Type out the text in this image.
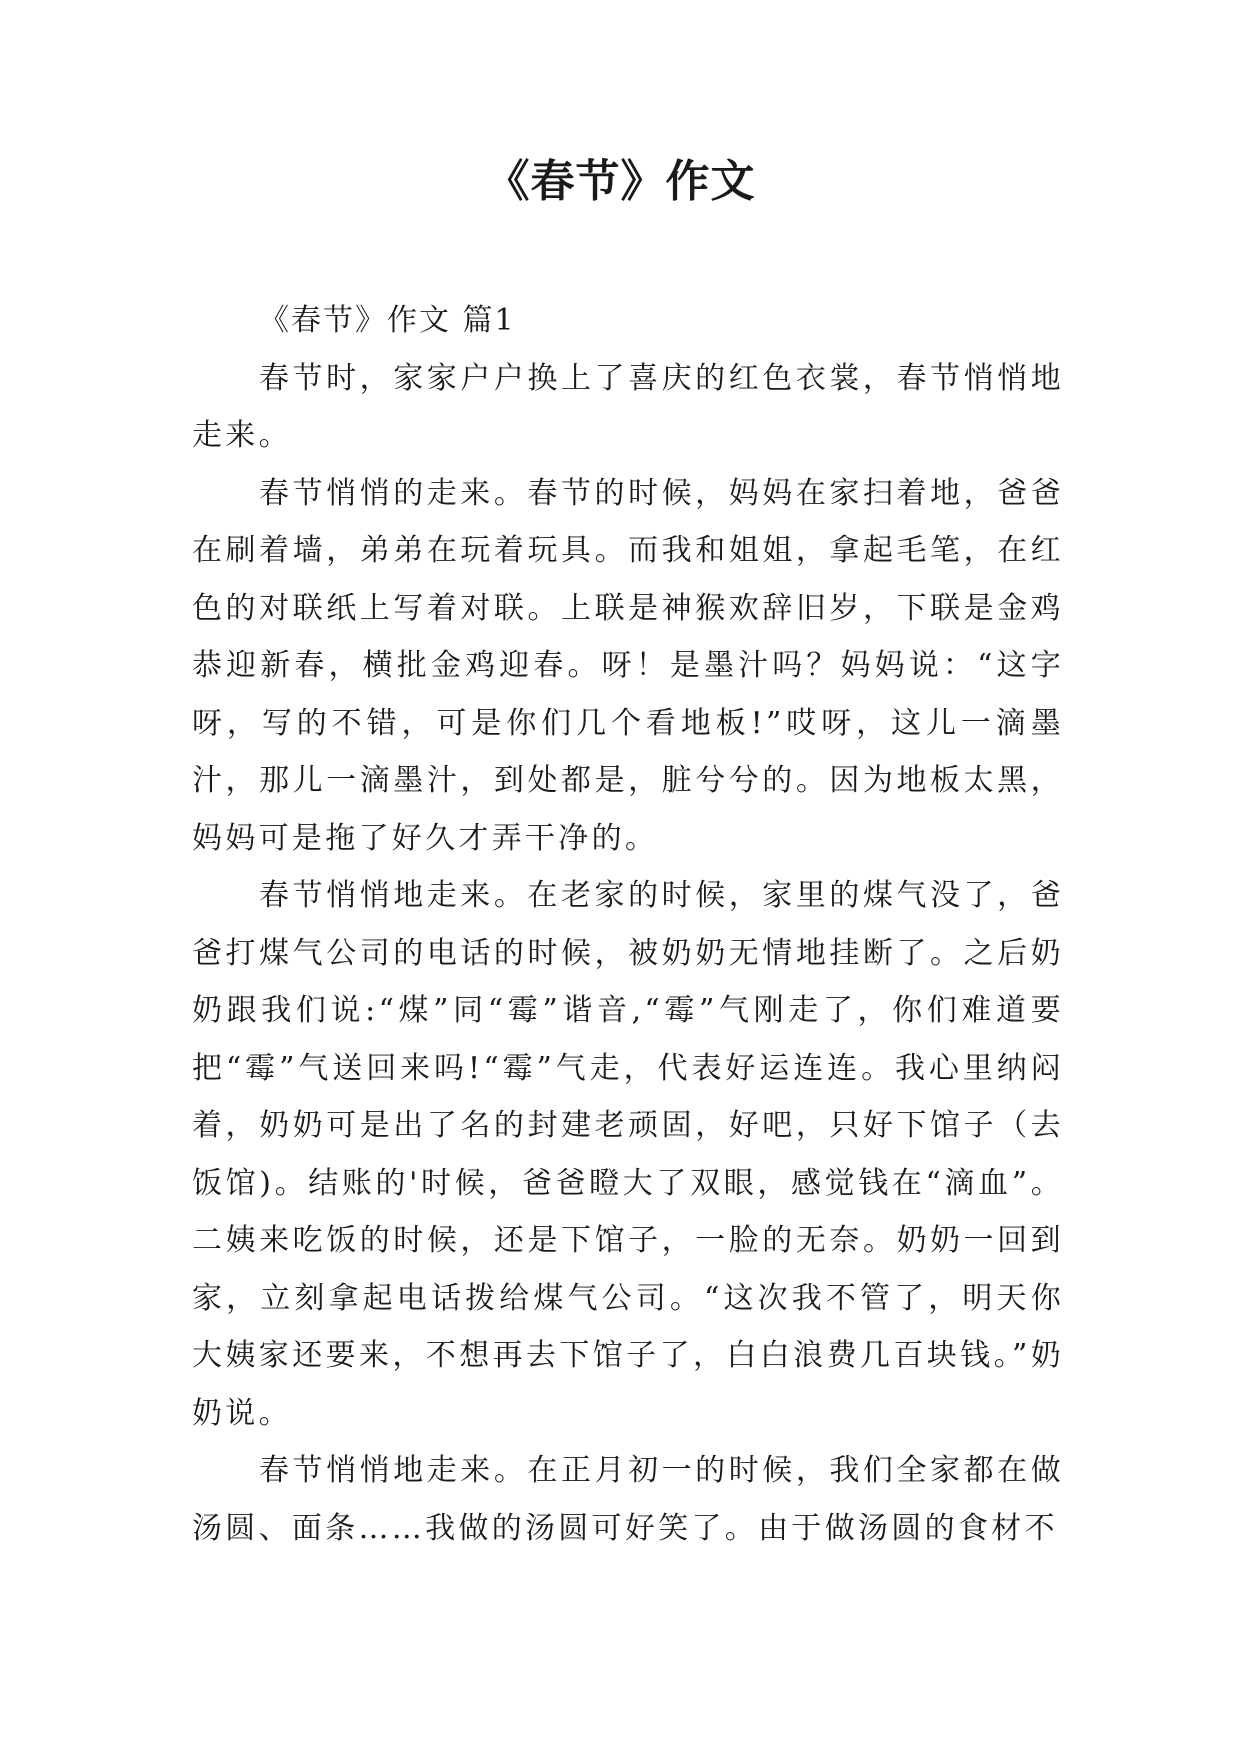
《春节》作文

《春节》作文 篇1

春节时，家家户户换上了喜庆的红色衣裳，春节悄悄地走来。

春节悄悄的走来。春节的时候，妈妈在家扫着地，爸爸在刷着墙，弟弟在玩着玩具。而我和姐姐，拿起毛笔，在红色的对联纸上写着对联。上联是神猴欢辞旧岁，下联是金鸡恭迎新春，横批金鸡迎春。呀！是墨汁吗？妈妈说：“这字呀，写的不错，可是你们几个看地板!”哎呀，这儿一滴墨汁，那儿一滴墨汁，到处都是，脏兮兮的。因为地板太黑，妈妈可是拖了好久才弄干净的。

春节悄悄地走来。在老家的时候，家里的煤气没了，爸爸打煤气公司的电话的时候，被奶奶无情地挂断了。之后奶奶跟我们说:“煤”同“霉”谐音,“霉”气刚走了，你们难道要把“霉”气送回来吗!“霉”气走，代表好运连连。我心里纳闷着，奶奶可是出了名的封建老顽固，好吧，只好下馆子（去饭馆)。结账的'时候，爸爸瞪大了双眼，感觉钱在“滴血”。二姨来吃饭的时候，还是下馆子，一脸的无奈。奶奶一回到家，立刻拿起电话拨给煤气公司。“这次我不管了，明天你大姨家还要来，不想再去下馆子了，白白浪费几百块钱。”奶奶说。

春节悄悄地走来。在正月初一的时候，我们全家都在做汤圆、面条……我做的汤圆可好笑了。由于做汤圆的食材不
